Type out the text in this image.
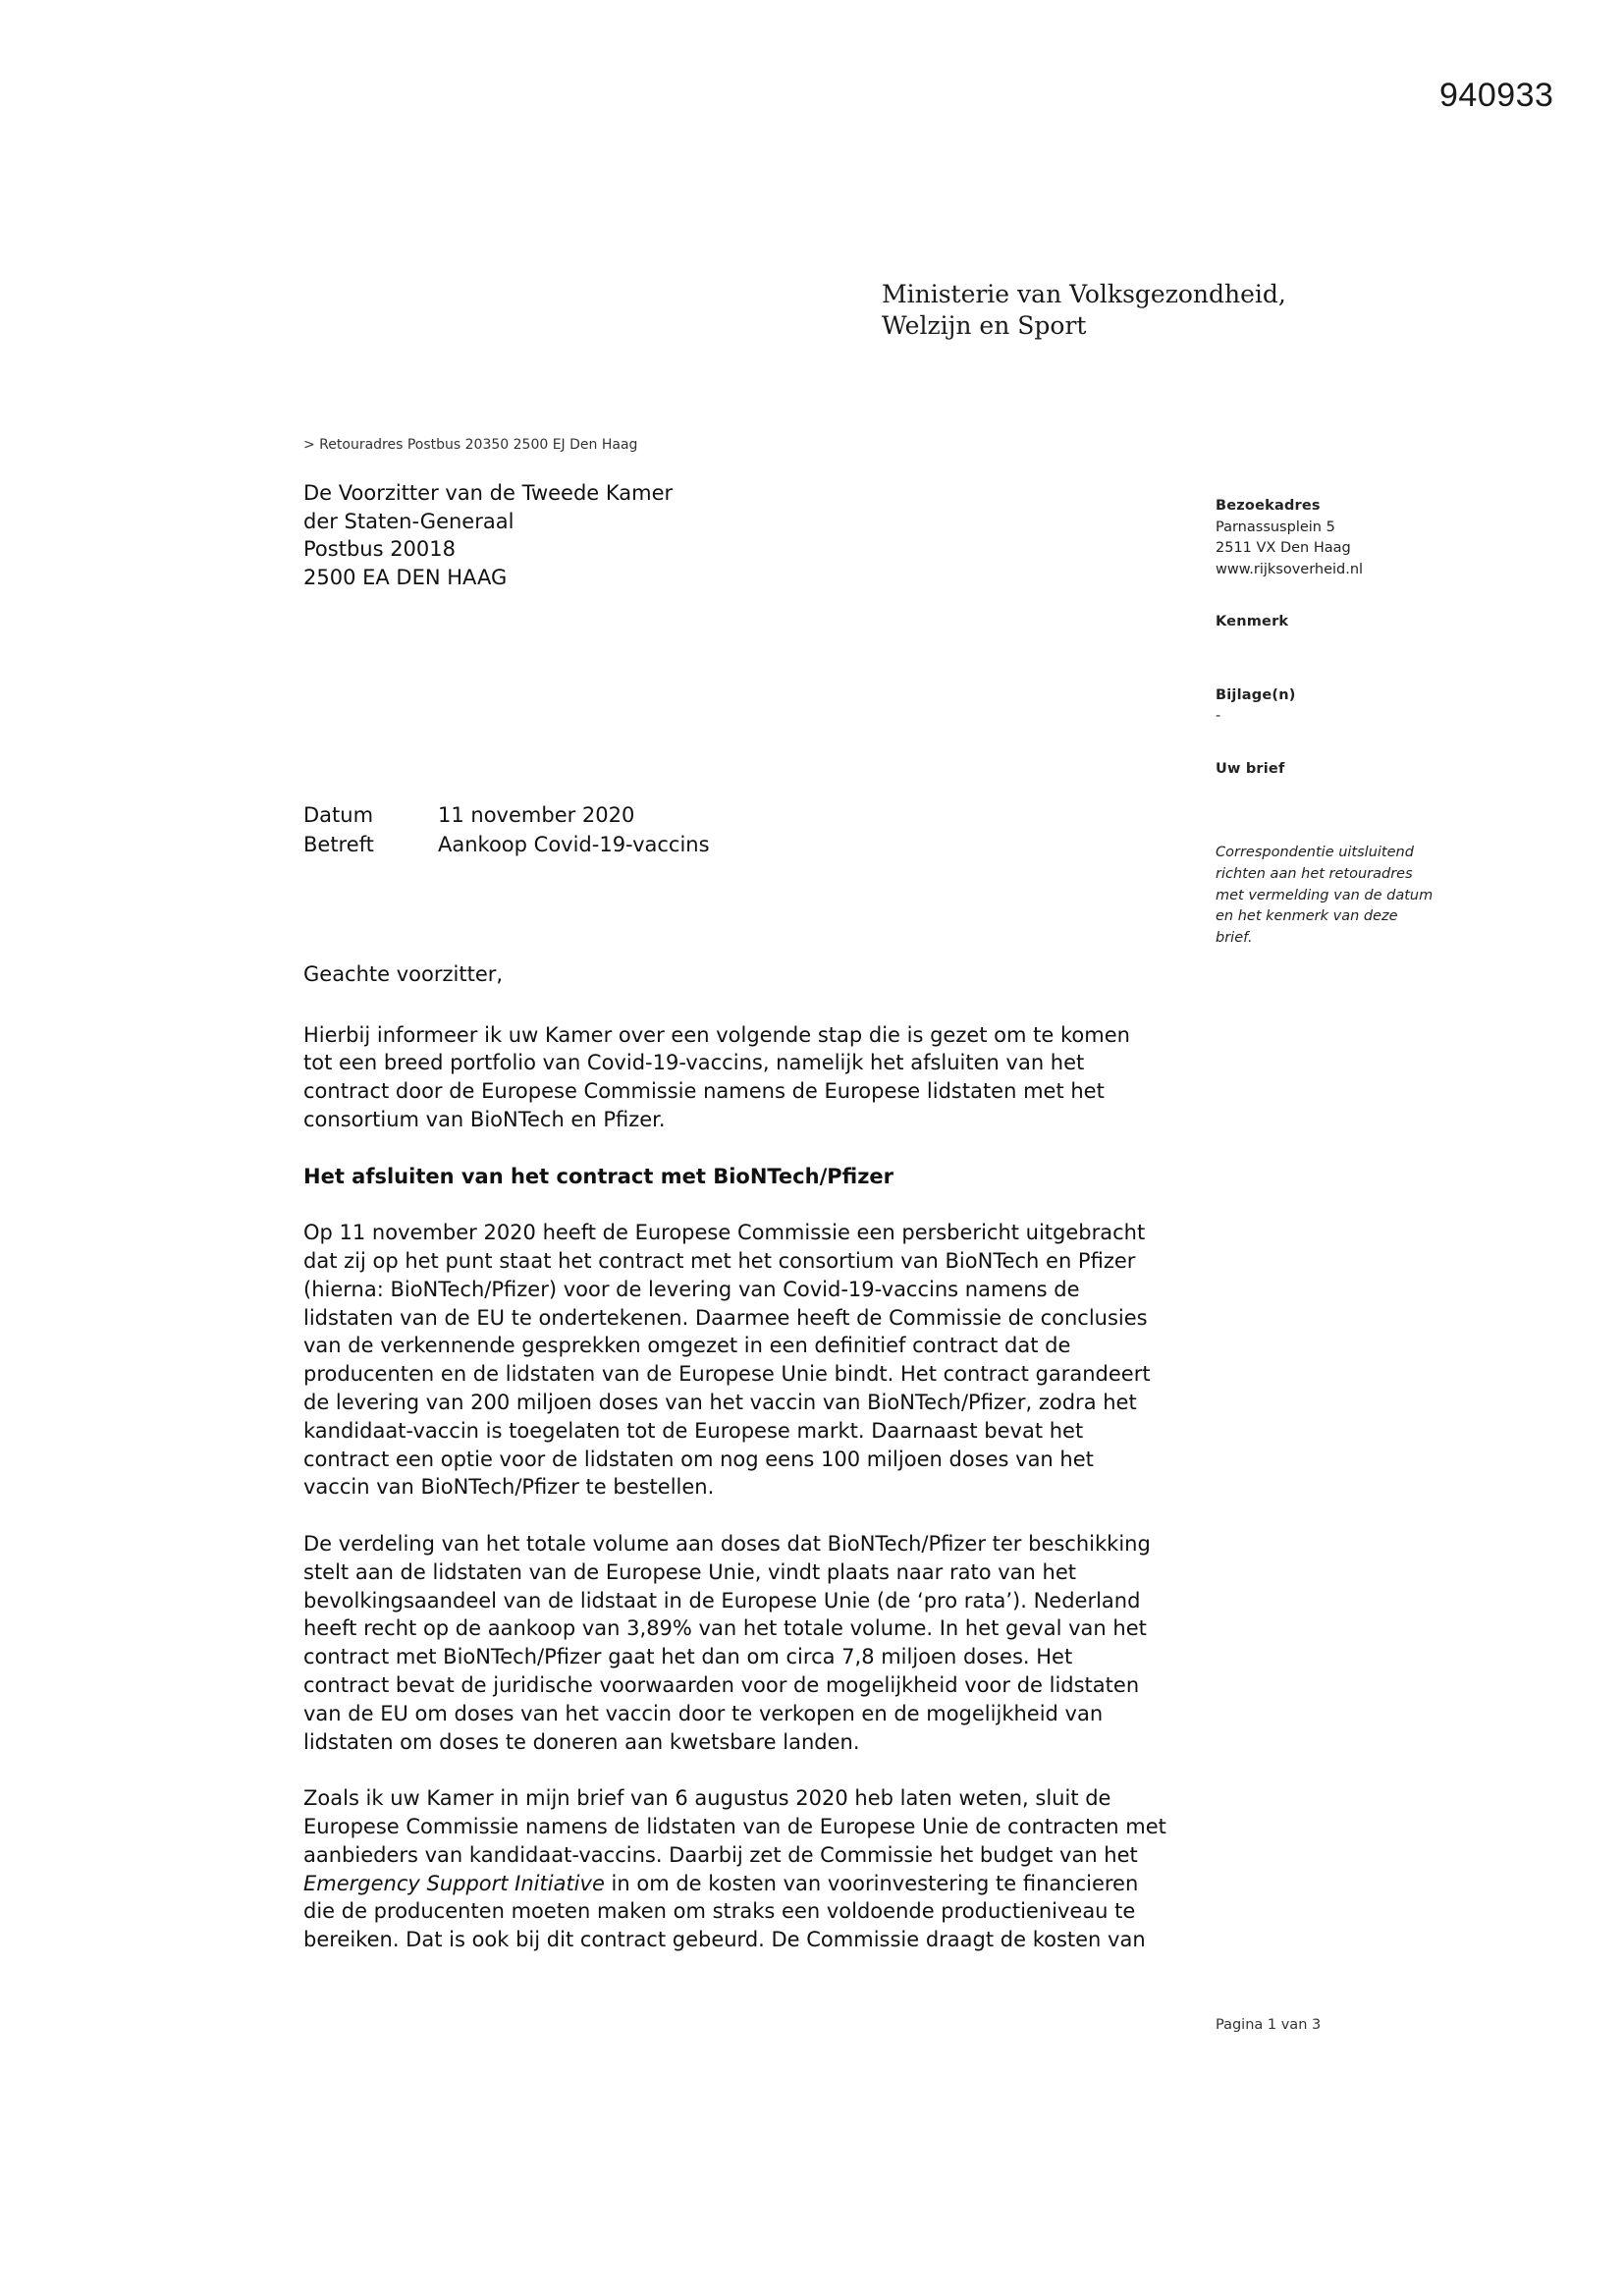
940933
Ministerie van Volksgezondheid,
Welzijn en Sport
> Retouradres Postbus 20350 2500 EJ Den Haag
De Voorzitter van de Tweede Kamer
der Staten-Generaal
Postbus 20018
2500 EA DEN HAAG
Bezoekadres
Parnassusplein 5
2511 VX Den Haag
www.rijksoverheid.nl
Kenmerk
Bijlage(n)
-
Uw brief
Correspondentie uitsluitend
richten aan het retouradres
met vermelding van de datum
en het kenmerk van deze
brief.
Datum	11 november 2020
Betreft	Aankoop Covid-19-vaccins
Geachte voorzitter,
Hierbij informeer ik uw Kamer over een volgende stap die is gezet om te komen
tot een breed portfolio van Covid-19-vaccins, namelijk het afsluiten van het
contract door de Europese Commissie namens de Europese lidstaten met het
consortium van BioNTech en Pfizer.
Het afsluiten van het contract met BioNTech/Pfizer
Op 11 november 2020 heeft de Europese Commissie een persbericht uitgebracht
dat zij op het punt staat het contract met het consortium van BioNTech en Pfizer
(hierna: BioNTech/Pfizer) voor de levering van Covid-19-vaccins namens de
lidstaten van de EU te ondertekenen. Daarmee heeft de Commissie de conclusies
van de verkennende gesprekken omgezet in een definitief contract dat de
producenten en de lidstaten van de Europese Unie bindt. Het contract garandeert
de levering van 200 miljoen doses van het vaccin van BioNTech/Pfizer, zodra het
kandidaat-vaccin is toegelaten tot de Europese markt. Daarnaast bevat het
contract een optie voor de lidstaten om nog eens 100 miljoen doses van het
vaccin van BioNTech/Pfizer te bestellen.
De verdeling van het totale volume aan doses dat BioNTech/Pfizer ter beschikking
stelt aan de lidstaten van de Europese Unie, vindt plaats naar rato van het
bevolkingsaandeel van de lidstaat in de Europese Unie (de ‘pro rata’). Nederland
heeft recht op de aankoop van 3,89% van het totale volume. In het geval van het
contract met BioNTech/Pfizer gaat het dan om circa 7,8 miljoen doses. Het
contract bevat de juridische voorwaarden voor de mogelijkheid voor de lidstaten
van de EU om doses van het vaccin door te verkopen en de mogelijkheid van
lidstaten om doses te doneren aan kwetsbare landen.
Zoals ik uw Kamer in mijn brief van 6 augustus 2020 heb laten weten, sluit de
Europese Commissie namens de lidstaten van de Europese Unie de contracten met
aanbieders van kandidaat-vaccins. Daarbij zet de Commissie het budget van het
Emergency Support Initiative in om de kosten van voorinvestering te financieren
die de producenten moeten maken om straks een voldoende productieniveau te
bereiken. Dat is ook bij dit contract gebeurd. De Commissie draagt de kosten van
Pagina 1 van 3
